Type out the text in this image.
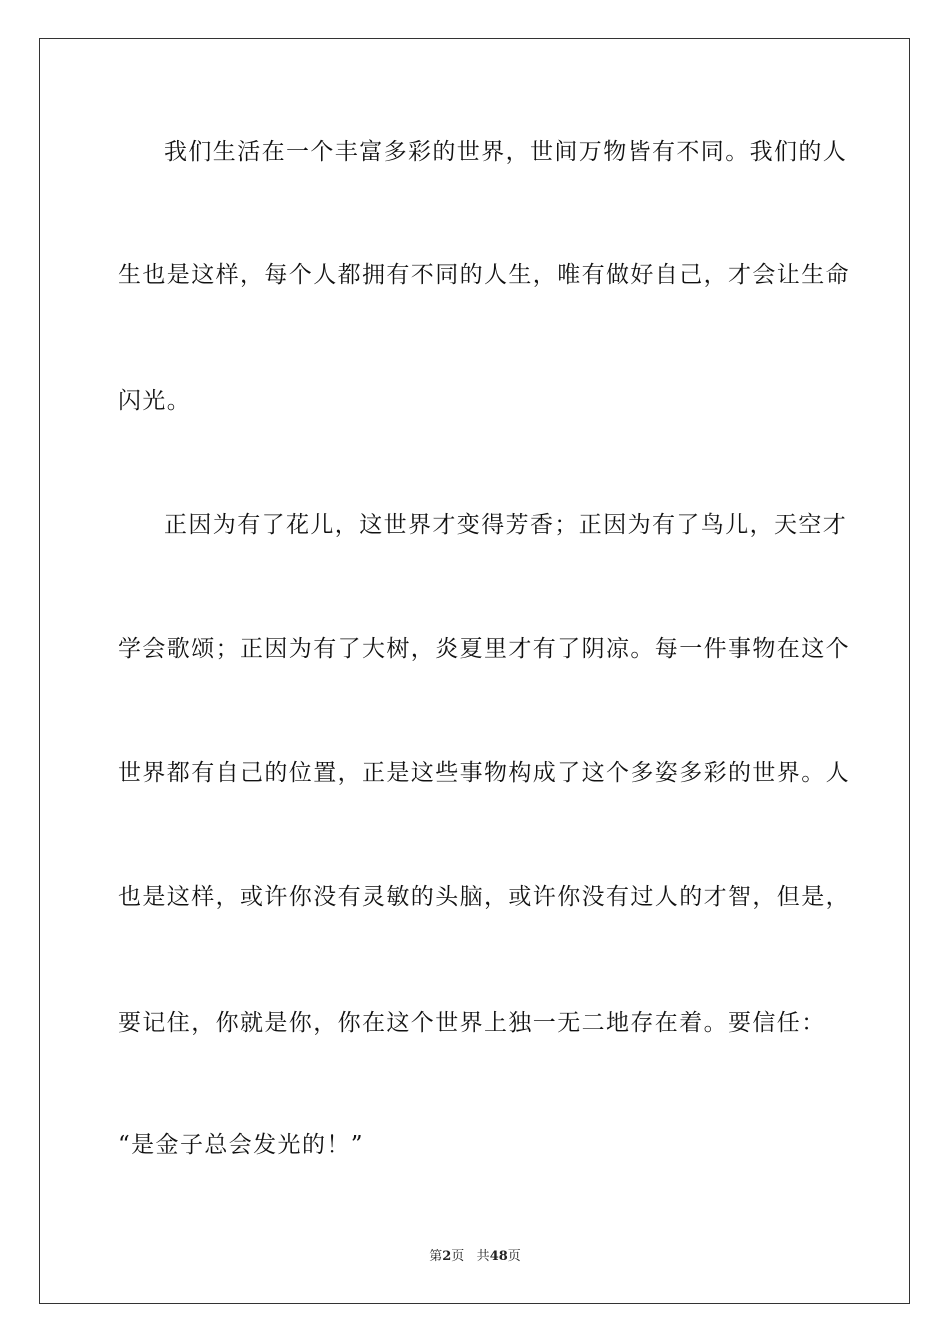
我们生活在一个丰富多彩的世界，世间万物皆有不同。我们的人
生也是这样，每个人都拥有不同的人生，唯有做好自己，才会让生命
闪光。
正因为有了花儿，这世界才变得芳香；正因为有了鸟儿，天空才
学会歌颂；正因为有了大树，炎夏里才有了阴凉。每一件事物在这个
世界都有自己的位置，正是这些事物构成了这个多姿多彩的世界。人
也是这样，或许你没有灵敏的头脑，或许你没有过人的才智，但是，
要记住，你就是你，你在这个世界上独一无二地存在着。要信任：
“是金子总会发光的！”
第2页 共48页
